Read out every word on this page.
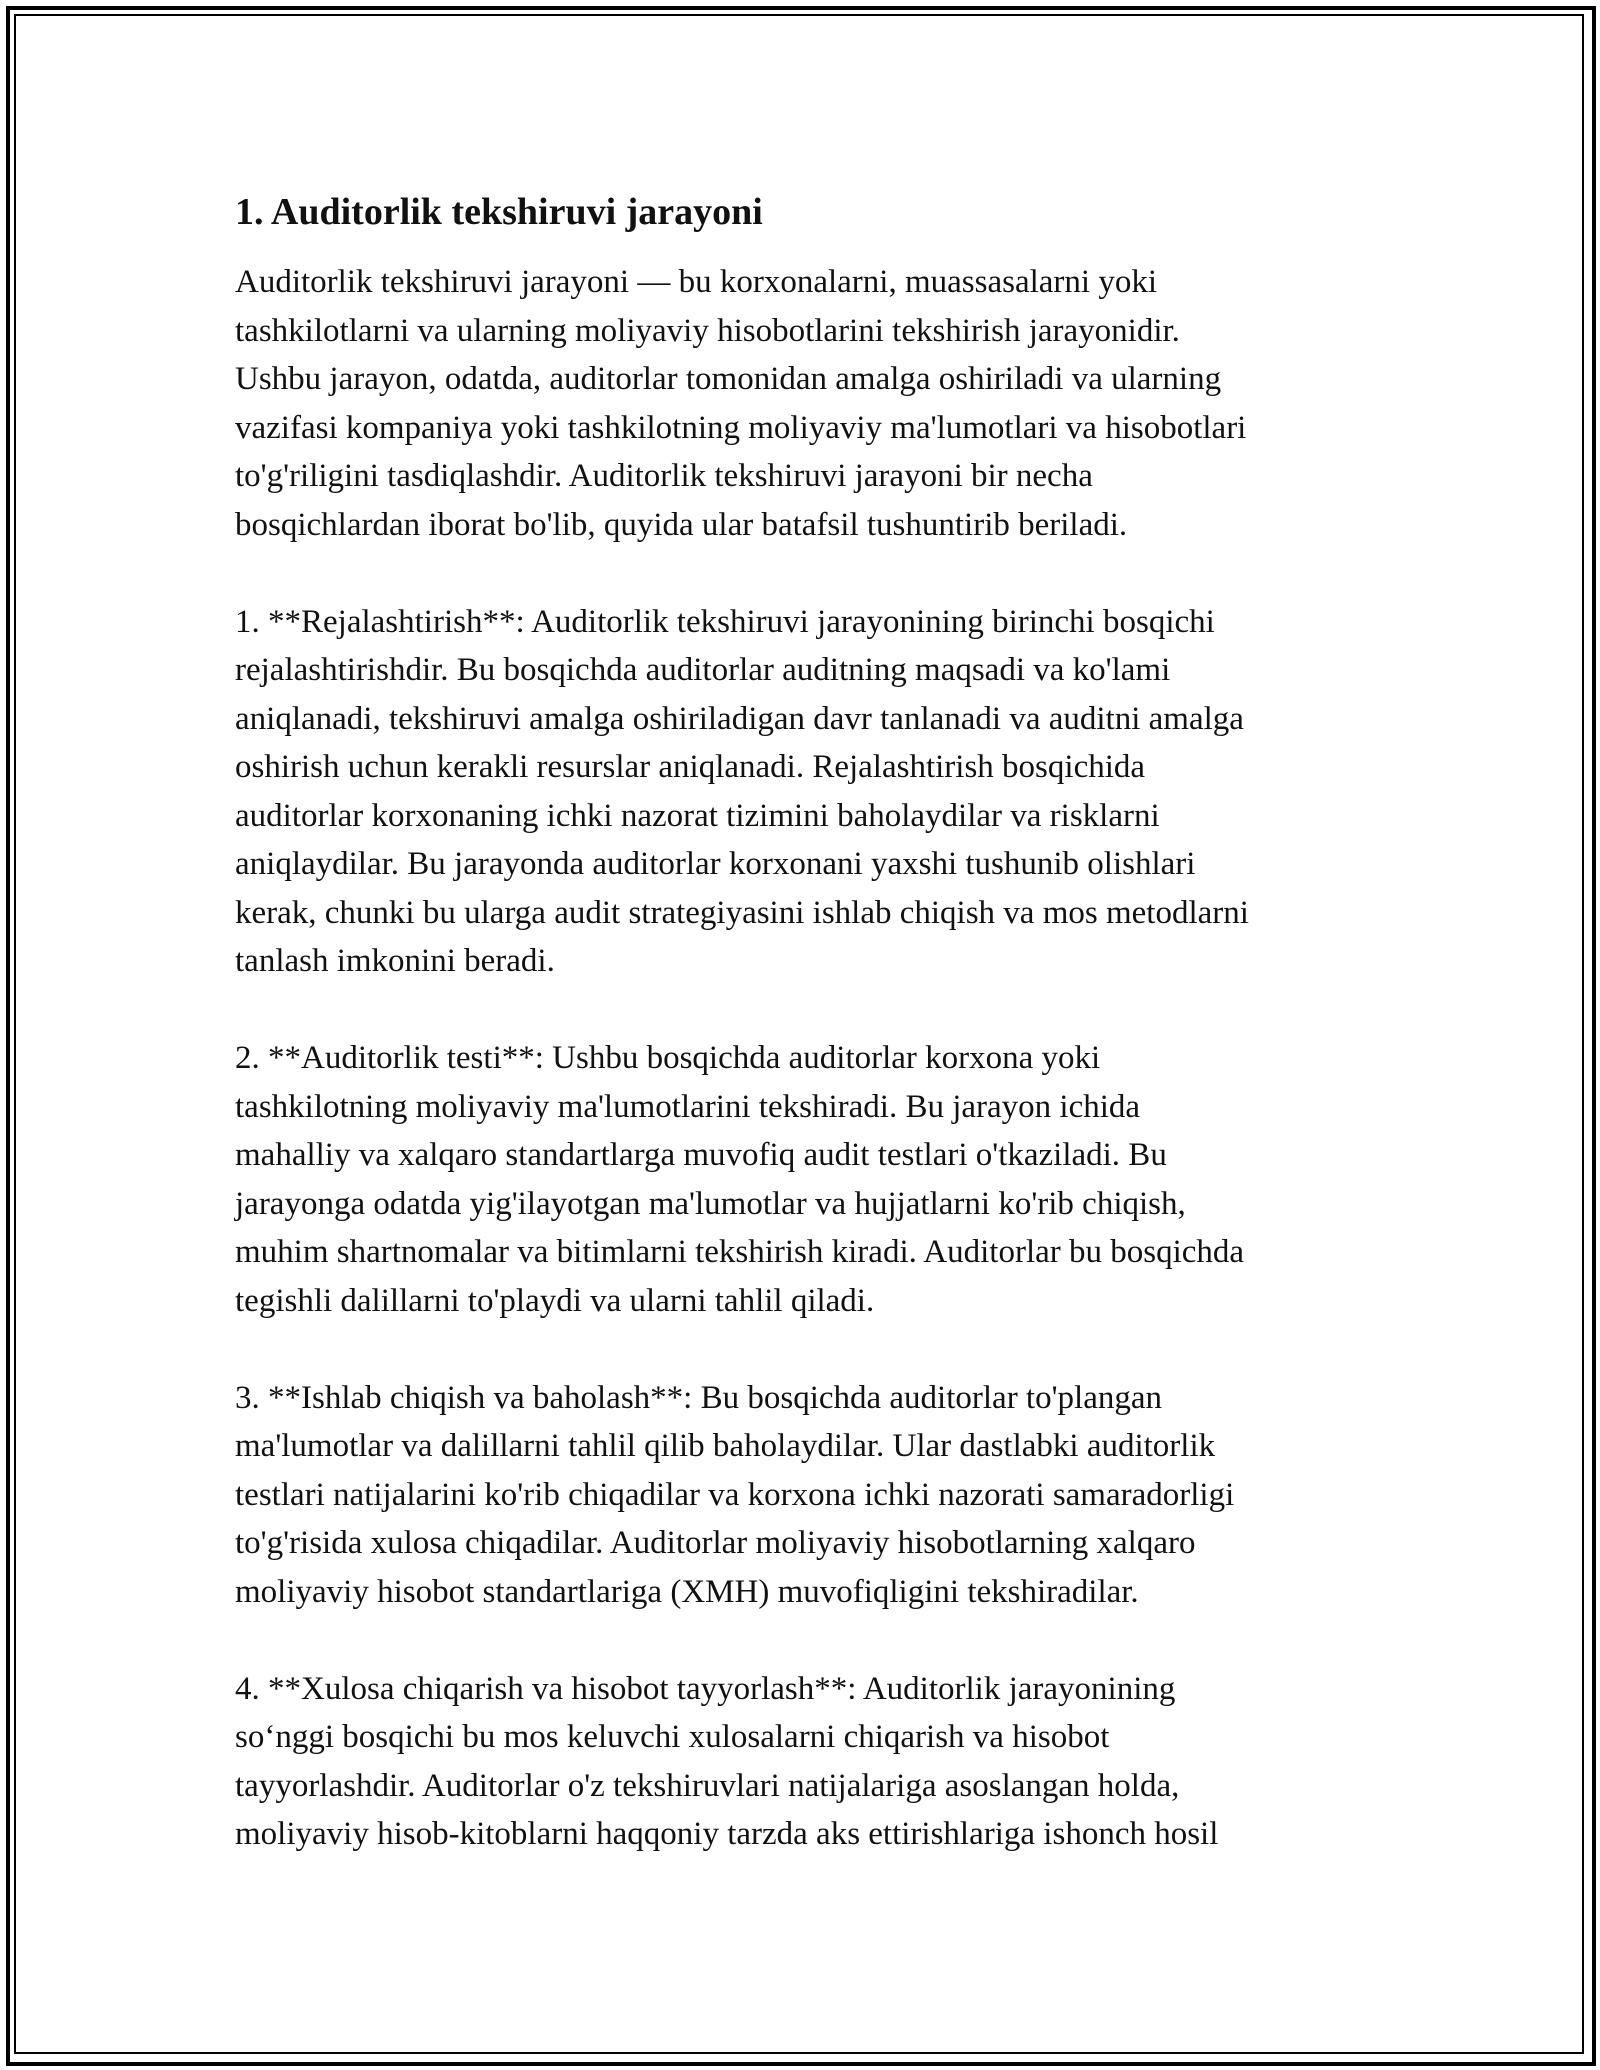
1. Auditorlik tekshiruvi jarayoni
Auditorlik tekshiruvi jarayoni — bu korxonalarni, muassasalarni yoki
tashkilotlarni va ularning moliyaviy hisobotlarini tekshirish jarayonidir.
Ushbu jarayon, odatda, auditorlar tomonidan amalga oshiriladi va ularning
vazifasi kompaniya yoki tashkilotning moliyaviy ma'lumotlari va hisobotlari
to'g'riligini tasdiqlashdir. Auditorlik tekshiruvi jarayoni bir necha
bosqichlardan iborat bo'lib, quyida ular batafsil tushuntirib beriladi.
1. **Rejalashtirish**: Auditorlik tekshiruvi jarayonining birinchi bosqichi
rejalashtirishdir. Bu bosqichda auditorlar auditning maqsadi va ko'lami
aniqlanadi, tekshiruvi amalga oshiriladigan davr tanlanadi va auditni amalga
oshirish uchun kerakli resurslar aniqlanadi. Rejalashtirish bosqichida
auditorlar korxonaning ichki nazorat tizimini baholaydilar va risklarni
aniqlaydilar. Bu jarayonda auditorlar korxonani yaxshi tushunib olishlari
kerak, chunki bu ularga audit strategiyasini ishlab chiqish va mos metodlarni
tanlash imkonini beradi.
2. **Auditorlik testi**: Ushbu bosqichda auditorlar korxona yoki
tashkilotning moliyaviy ma'lumotlarini tekshiradi. Bu jarayon ichida
mahalliy va xalqaro standartlarga muvofiq audit testlari o'tkaziladi. Bu
jarayonga odatda yig'ilayotgan ma'lumotlar va hujjatlarni ko'rib chiqish,
muhim shartnomalar va bitimlarni tekshirish kiradi. Auditorlar bu bosqichda
tegishli dalillarni to'playdi va ularni tahlil qiladi.
3. **Ishlab chiqish va baholash**: Bu bosqichda auditorlar to'plangan
ma'lumotlar va dalillarni tahlil qilib baholaydilar. Ular dastlabki auditorlik
testlari natijalarini ko'rib chiqadilar va korxona ichki nazorati samaradorligi
to'g'risida xulosa chiqadilar. Auditorlar moliyaviy hisobotlarning xalqaro
moliyaviy hisobot standartlariga (XMH) muvofiqligini tekshiradilar.
4. **Xulosa chiqarish va hisobot tayyorlash**: Auditorlik jarayonining
so‘nggi bosqichi bu mos keluvchi xulosalarni chiqarish va hisobot
tayyorlashdir. Auditorlar o'z tekshiruvlari natijalariga asoslangan holda,
moliyaviy hisob-kitoblarni haqqoniy tarzda aks ettirishlariga ishonch hosil
